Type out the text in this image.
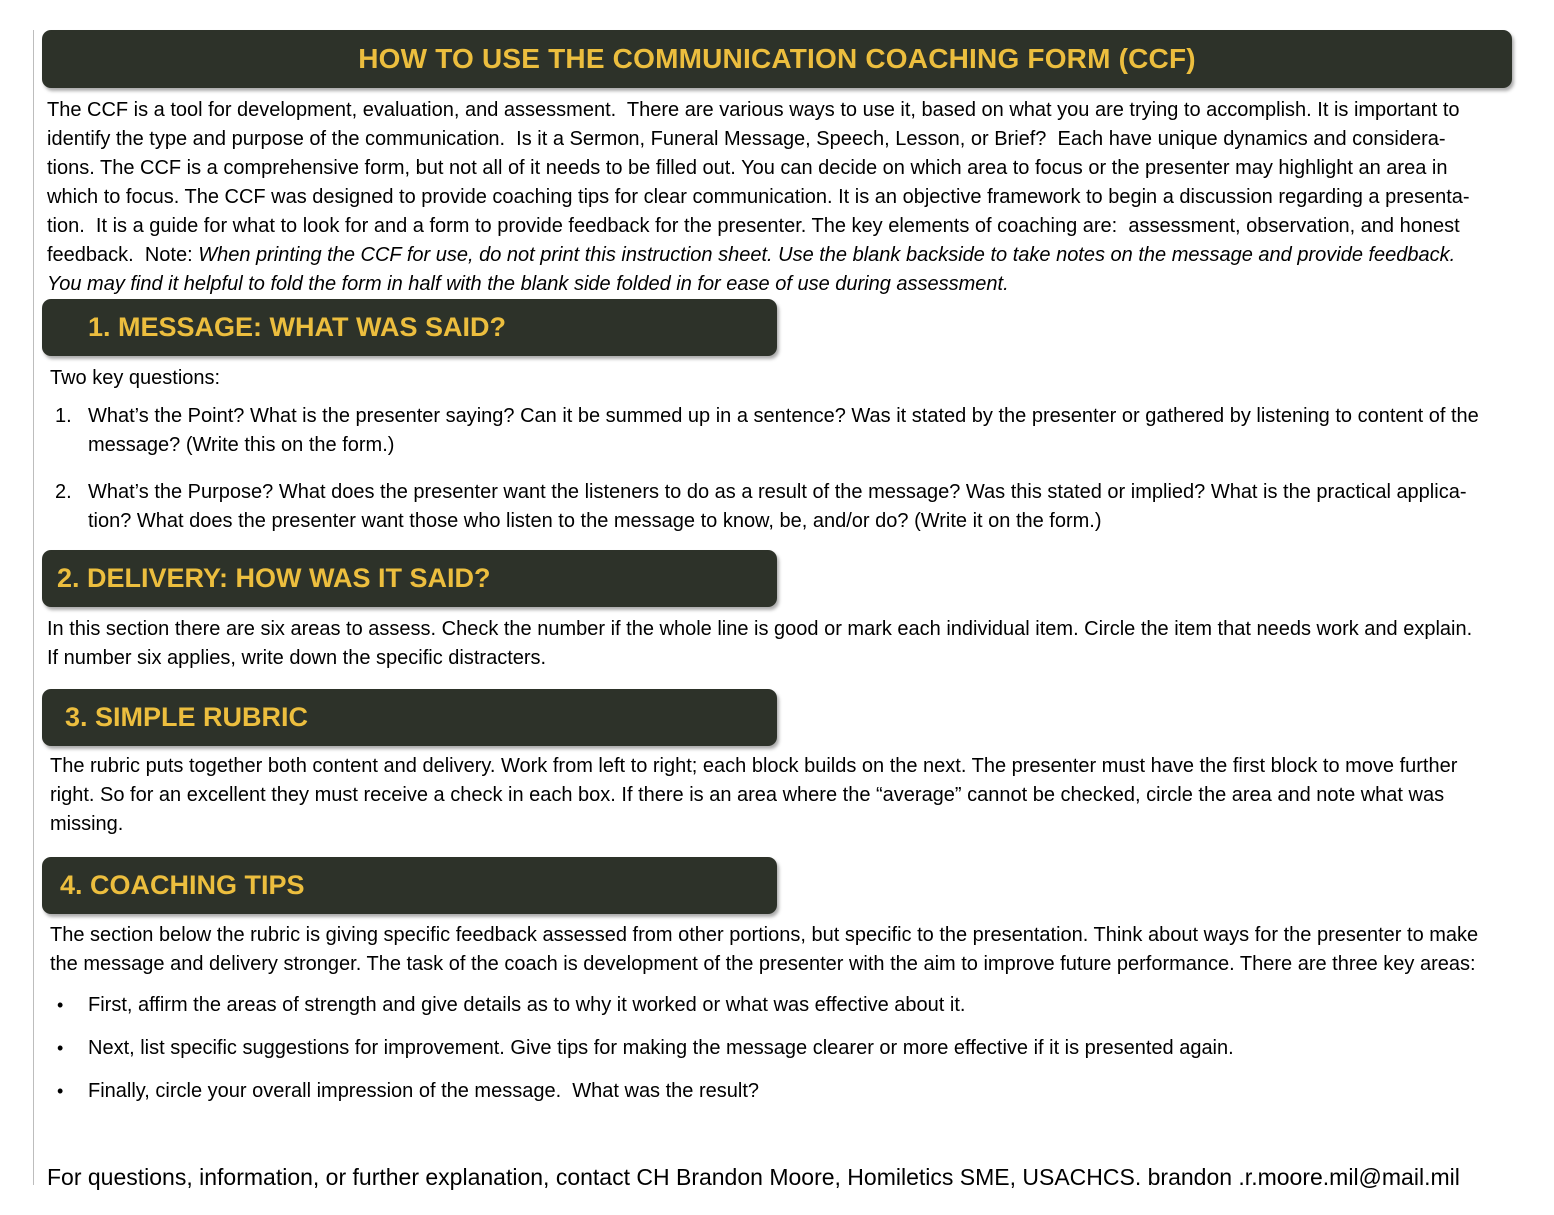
HOW TO USE THE COMMUNICATION COACHING FORM (CCF)
The CCF is a tool for development, evaluation, and assessment.  There are various ways to use it, based on what you are trying to accomplish. It is important to
identify the type and purpose of the communication.  Is it a Sermon, Funeral Message, Speech, Lesson, or Brief?  Each have unique dynamics and considera-
tions. The CCF is a comprehensive form, but not all of it needs to be filled out. You can decide on which area to focus or the presenter may highlight an area in
which to focus. The CCF was designed to provide coaching tips for clear communication. It is an objective framework to begin a discussion regarding a presenta-
tion.  It is a guide for what to look for and a form to provide feedback for the presenter. The key elements of coaching are:  assessment, observation, and honest
feedback.  Note: When printing the CCF for use, do not print this instruction sheet. Use the blank backside to take notes on the message and provide feedback.
You may find it helpful to fold the form in half with the blank side folded in for ease of use during assessment.
1. MESSAGE: WHAT WAS SAID?
Two key questions:
1. What’s the Point? What is the presenter saying? Can it be summed up in a sentence? Was it stated by the presenter or gathered by listening to content of the
message? (Write this on the form.)
2. What’s the Purpose? What does the presenter want the listeners to do as a result of the message? Was this stated or implied? What is the practical applica-
tion? What does the presenter want those who listen to the message to know, be, and/or do? (Write it on the form.)
2. DELIVERY: HOW WAS IT SAID?
In this section there are six areas to assess. Check the number if the whole line is good or mark each individual item. Circle the item that needs work and explain.
If number six applies, write down the specific distracters.
3. SIMPLE RUBRIC
The rubric puts together both content and delivery. Work from left to right; each block builds on the next. The presenter must have the first block to move further
right. So for an excellent they must receive a check in each box. If there is an area where the “average” cannot be checked, circle the area and note what was
missing.
4. COACHING TIPS
The section below the rubric is giving specific feedback assessed from other portions, but specific to the presentation. Think about ways for the presenter to make
the message and delivery stronger. The task of the coach is development of the presenter with the aim to improve future performance. There are three key areas:
•	First, affirm the areas of strength and give details as to why it worked or what was effective about it.
•	Next, list specific suggestions for improvement. Give tips for making the message clearer or more effective if it is presented again.
•	Finally, circle your overall impression of the message.  What was the result?
For questions, information, or further explanation, contact CH Brandon Moore, Homiletics SME, USACHCS. brandon .r.moore.mil@mail.mil
